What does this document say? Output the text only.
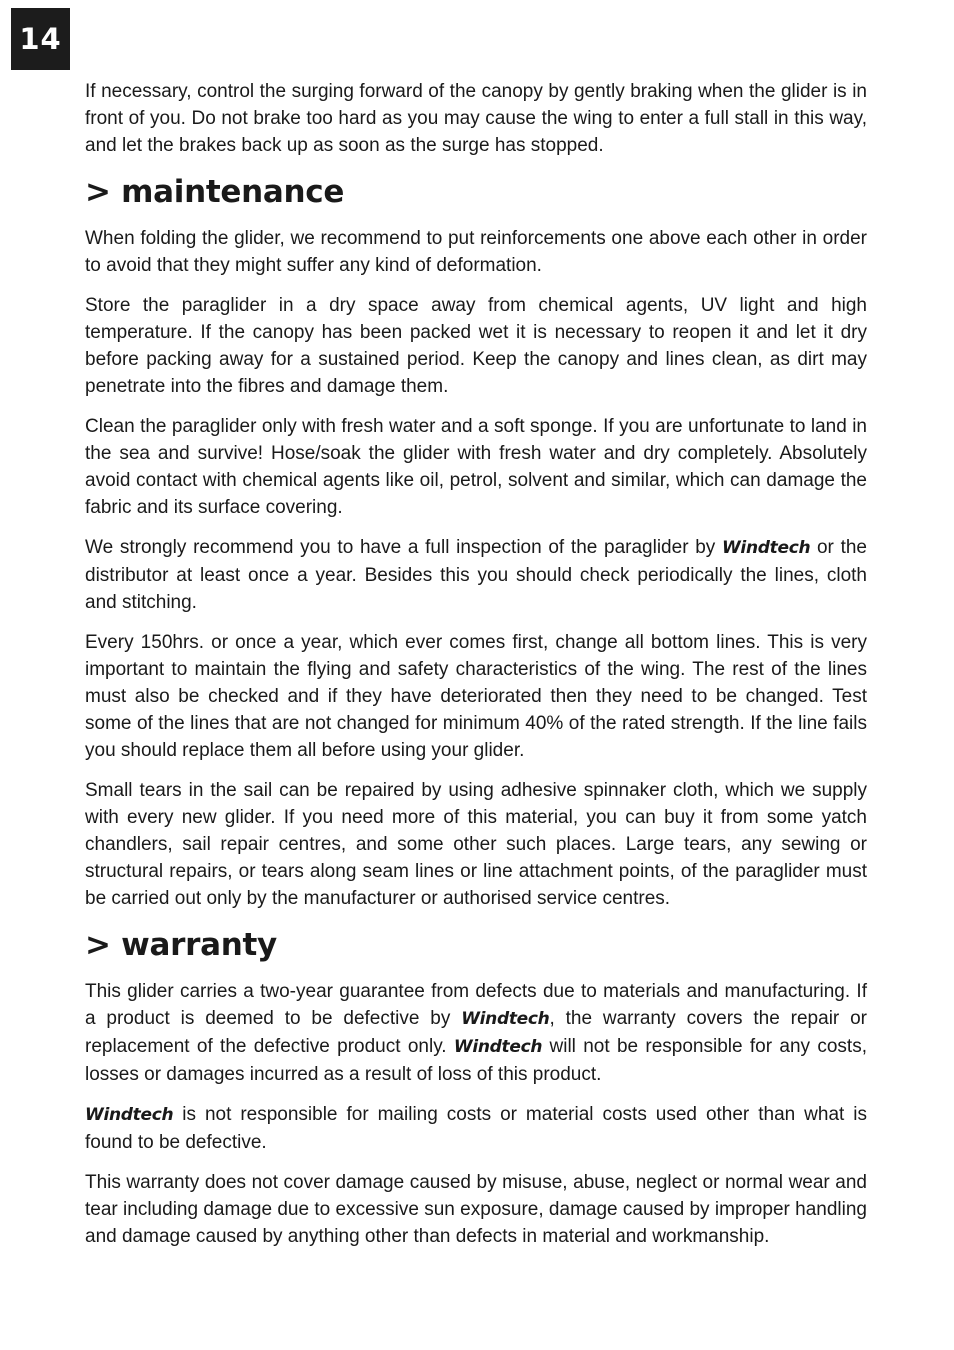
14

If necessary, control the surging forward of the canopy by gently braking when the glider is in front of you. Do not brake too hard as you may cause the wing to enter a full stall in this way, and let the brakes back up as soon as the surge has stopped.

> maintenance

When folding the glider, we recommend to put reinforcements one above each other in order to avoid that they might suffer any kind of deformation.

Store the paraglider in a dry space away from chemical agents, UV light and high temperature. If the canopy has been packed wet it is necessary to reopen it and let it dry before packing away for a sustained period. Keep the canopy and lines clean, as dirt may penetrate into the fibres and damage them.

Clean the paraglider only with fresh water and a soft sponge. If you are unfortunate to land in the sea and survive! Hose/soak the glider with fresh water and dry completely. Absolutely avoid contact with chemical agents like oil, petrol, solvent and similar, which can damage the fabric and its surface covering.

We strongly recommend you to have a full inspection of the paraglider by Windtech or the distributor at least once a year. Besides this you should check periodically the lines, cloth and stitching.

Every 150hrs. or once a year, which ever comes first, change all bottom lines. This is very important to maintain the flying and safety characteristics of the wing. The rest of the lines must also be checked and if they have deteriorated then they need to be changed. Test some of the lines that are not changed for minimum 40% of the rated strength. If the line fails you should replace them all before using your glider.

Small tears in the sail can be repaired by using adhesive spinnaker cloth, which we supply with every new glider. If you need more of this material, you can buy it from some yatch chandlers, sail repair centres, and some other such places. Large tears, any sewing or structural repairs, or tears along seam lines or line attachment points, of the paraglider must be carried out only by the manufacturer or authorised service centres.

> warranty

This glider carries a two-year guarantee from defects due to materials and manufacturing. If a product is deemed to be defective by Windtech, the warranty covers the repair or replacement of the defective product only. Windtech will not be responsible for any costs, losses or damages incurred as a result of loss of this product.

Windtech is not responsible for mailing costs or material costs used other than what is found to be defective.

This warranty does not cover damage caused by misuse, abuse, neglect or normal wear and tear including damage due to excessive sun exposure, damage caused by improper handling and damage caused by anything other than defects in material and workmanship.
